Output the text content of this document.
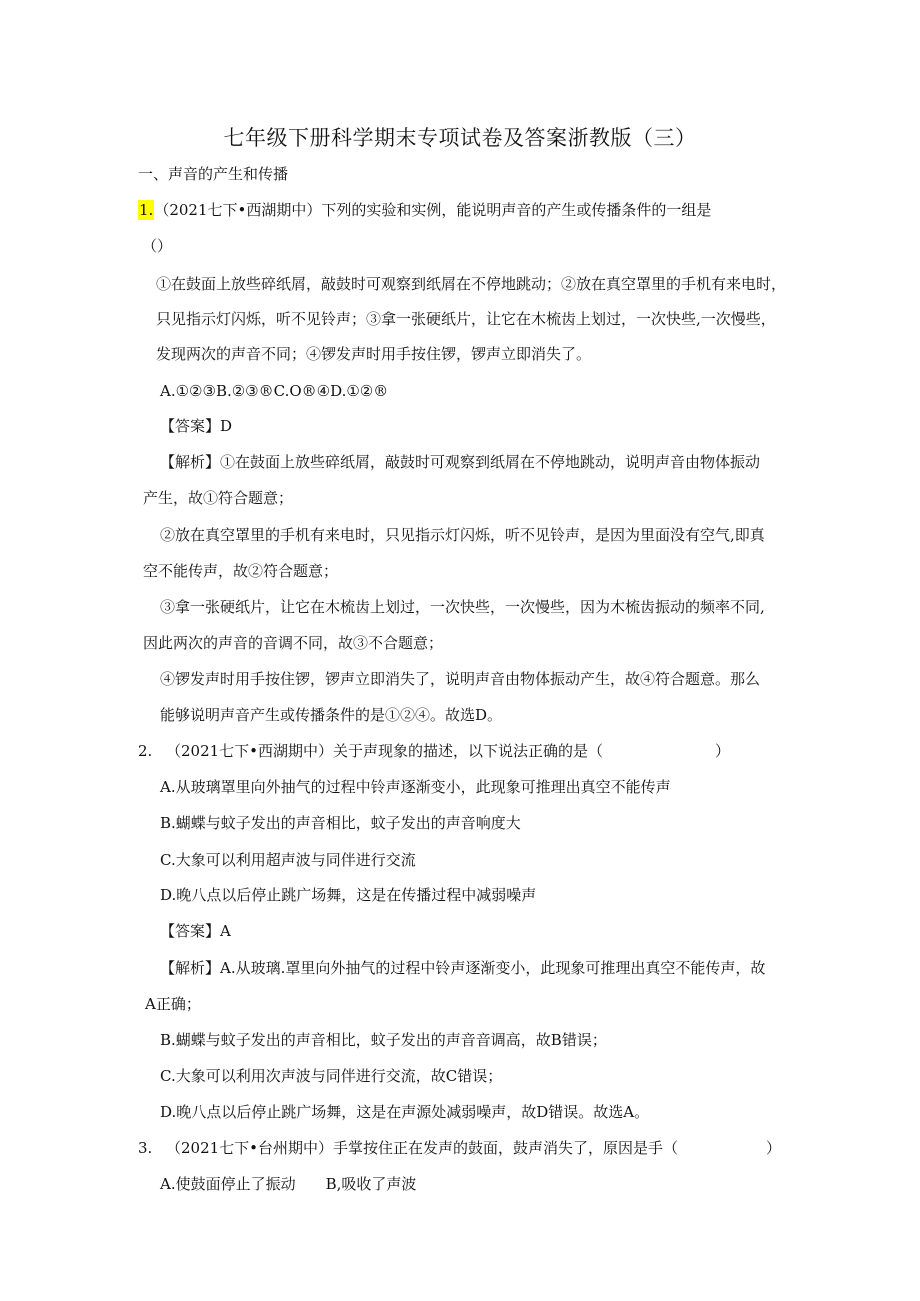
七年级下册科学期末专项试卷及答案浙教版（三）
一、声音的产生和传播
1.（2021七下•西湖期中）下列的实验和实例，能说明声音的产生或传播条件的一组是
（）
①在鼓面上放些碎纸屑，敲鼓时可观察到纸屑在不停地跳动；②放在真空罩里的手机有来电时，
只见指示灯闪烁，听不见铃声；③拿一张硬纸片，让它在木梳齿上划过，一次快些,一次慢些，
发现两次的声音不同；④锣发声时用手按住锣，锣声立即消失了。
A.①②③B.②③®C.O®④D.①②®
【答案】D
【解析】①在鼓面上放些碎纸屑，敲鼓时可观察到纸屑在不停地跳动，说明声音由物体振动
产生，故①符合题意；
②放在真空罩里的手机有来电时，只见指示灯闪烁，听不见铃声，是因为里面没有空气,即真
空不能传声，故②符合题意；
③拿一张硬纸片，让它在木梳齿上划过，一次快些，一次慢些，因为木梳齿振动的频率不同,
因此两次的声音的音调不同，故③不合题意；
④锣发声时用手按住锣，锣声立即消失了，说明声音由物体振动产生，故④符合题意。那么
能够说明声音产生或传播条件的是①②④。故选D。
2. （2021七下•西湖期中）关于声现象的描述，以下说法正确的是（	）
A.从玻璃罩里向外抽气的过程中铃声逐渐变小，此现象可推理出真空不能传声
B.蝴蝶与蚊子发出的声音相比，蚊子发出的声音响度大
C.大象可以利用超声波与同伴进行交流
D.晚八点以后停止跳广场舞，这是在传播过程中减弱噪声
【答案】A
【解析】A.从玻璃.罩里向外抽气的过程中铃声逐渐变小，此现象可推理出真空不能传声，故
A正确；
B.蝴蝶与蚊子发出的声音相比，蚊子发出的声音音调高，故B错误；
C.大象可以利用次声波与同伴进行交流，故C错误；
D.晚八点以后停止跳广场舞，这是在声源处减弱噪声，故D错误。故选A。
3. （2021七下•台州期中）手掌按住正在发声的鼓面，鼓声消失了，原因是手（	）
A.使鼓面停止了振动　　B,吸收了声波
